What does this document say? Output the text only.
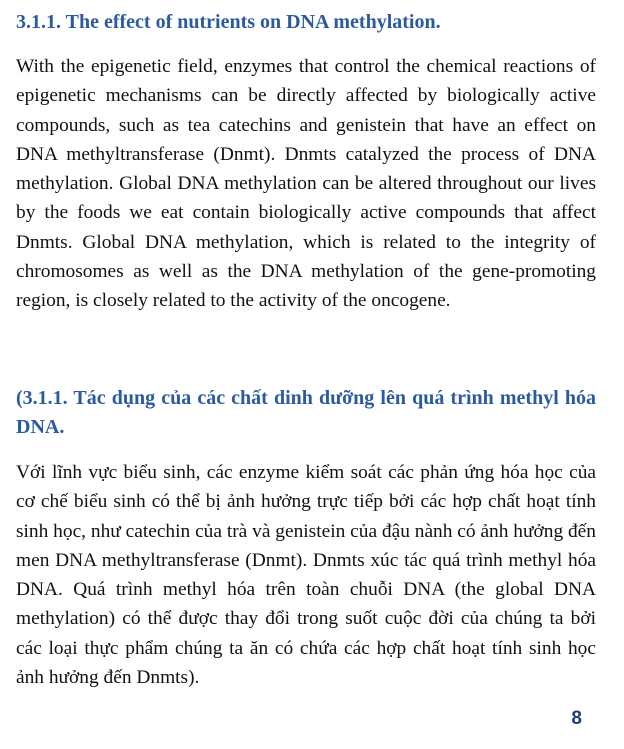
3.1.1. The effect of nutrients on DNA methylation.

With the epigenetic field, enzymes that control the chemical reactions of epigenetic mechanisms can be directly affected by biologically active compounds, such as tea catechins and genistein that have an effect on DNA methyltransferase (Dnmt). Dnmts catalyzed the process of DNA methylation. Global DNA methylation can be altered throughout our lives by the foods we eat contain biologically active compounds that affect Dnmts. Global DNA methylation, which is related to the integrity of chromosomes as well as the DNA methylation of the gene-promoting region, is closely related to the activity of the oncogene.

(3.1.1. Tác dụng của các chất dinh dưỡng lên quá trình methyl hóa DNA.

Với lĩnh vực biểu sinh, các enzyme kiểm soát các phản ứng hóa học của cơ chế biểu sinh có thể bị ảnh hưởng trực tiếp bởi các hợp chất hoạt tính sinh học, như catechin của trà và genistein của đậu nành có ảnh hưởng đến men DNA methyltransferase (Dnmt). Dnmts xúc tác quá trình methyl hóa DNA. Quá trình methyl hóa trên toàn chuỗi DNA (the global DNA methylation) có thể được thay đổi trong suốt cuộc đời của chúng ta bởi các loại thực phẩm chúng ta ăn có chứa các hợp chất hoạt tính sinh học ảnh hưởng đến Dnmts).

8
